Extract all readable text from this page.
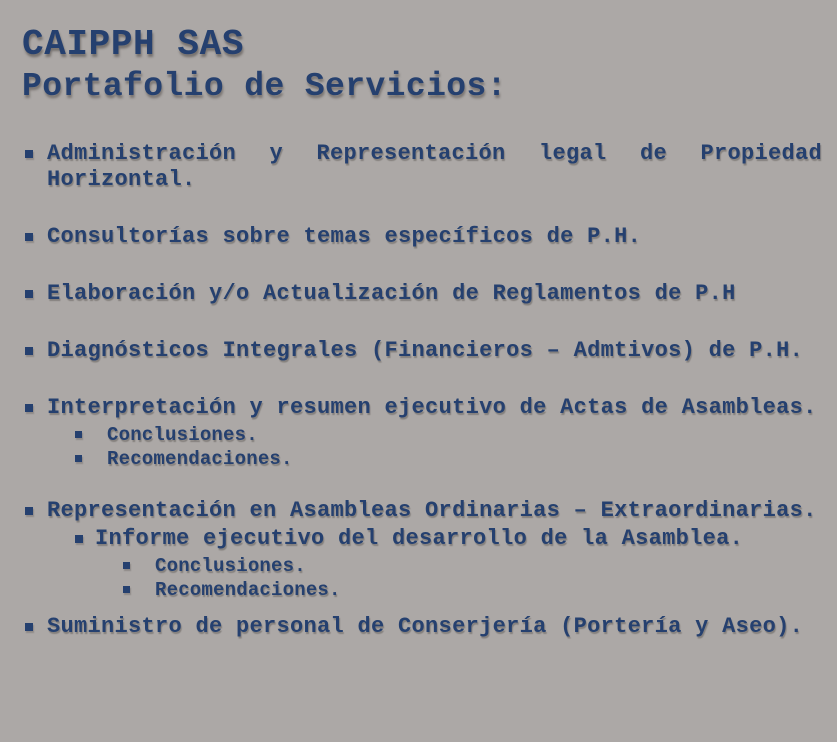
CAIPPH SAS
Portafolio de Servicios:
Administración y Representación legal de Propiedad Horizontal.
Consultorías sobre temas específicos de P.H.
Elaboración y/o Actualización de Reglamentos de P.H
Diagnósticos Integrales (Financieros – Admtivos) de P.H.
Interpretación y resumen ejecutivo de Actas de Asambleas.
Conclusiones.
Recomendaciones.
Representación en Asambleas Ordinarias – Extraordinarias.
Informe ejecutivo del desarrollo de la Asamblea.
Conclusiones.
Recomendaciones.
Suministro de personal de Conserjería (Portería y Aseo).
